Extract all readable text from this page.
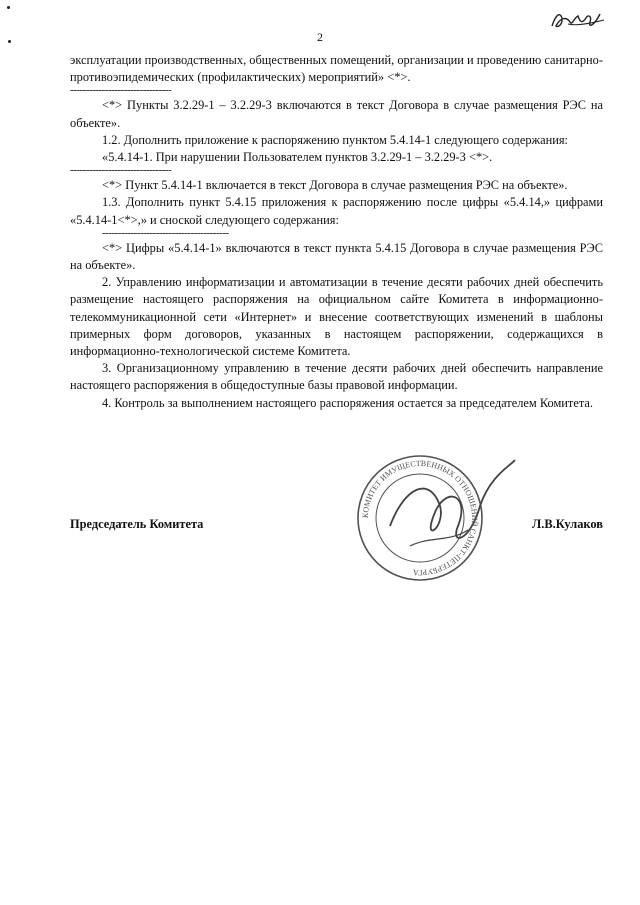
2

эксплуатации производственных, общественных помещений, организации и проведению санитарно-противоэпидемических (профилактических) мероприятий» <*>.

--------------------------------

<*> Пункты 3.2.29-1 – 3.2.29-3 включаются в текст Договора в случае размещения РЭС на объекте».

1.2. Дополнить приложение к распоряжению пунктом 5.4.14-1 следующего содержания:

«5.4.14-1. При нарушении Пользователем пунктов 3.2.29-1 – 3.2.29-3 <*>.

--------------------------------

<*> Пункт 5.4.14-1 включается в текст Договора в случае размещения РЭС на объекте».

1.3. Дополнить пункт 5.4.15 приложения к распоряжению после цифры «5.4.14,» цифрами «5.4.14-1<*>,» и сноской следующего содержания:

----------------------------------------

<*> Цифры «5.4.14-1» включаются в текст пункта 5.4.15 Договора в случае размещения РЭС на объекте».

2. Управлению информатизации и автоматизации в течение десяти рабочих дней обеспечить размещение настоящего распоряжения на официальном сайте Комитета в информационно-телекоммуникационной сети «Интернет» и внесение соответствующих изменений в шаблоны примерных форм договоров, указанных в настоящем распоряжении, содержащихся в информационно-технологической системе Комитета.

3. Организационному управлению в течение десяти рабочих дней обеспечить направление настоящего распоряжения в общедоступные базы правовой информации.

4. Контроль за выполнением настоящего распоряжения остается за председателем Комитета.

КОМИТЕТ ИМУЩЕСТВЕННЫХ ОТНОШЕНИЙ САНКТ-ПЕТЕРБУРГА
Председатель Комитета	Л.В.Кулаков
